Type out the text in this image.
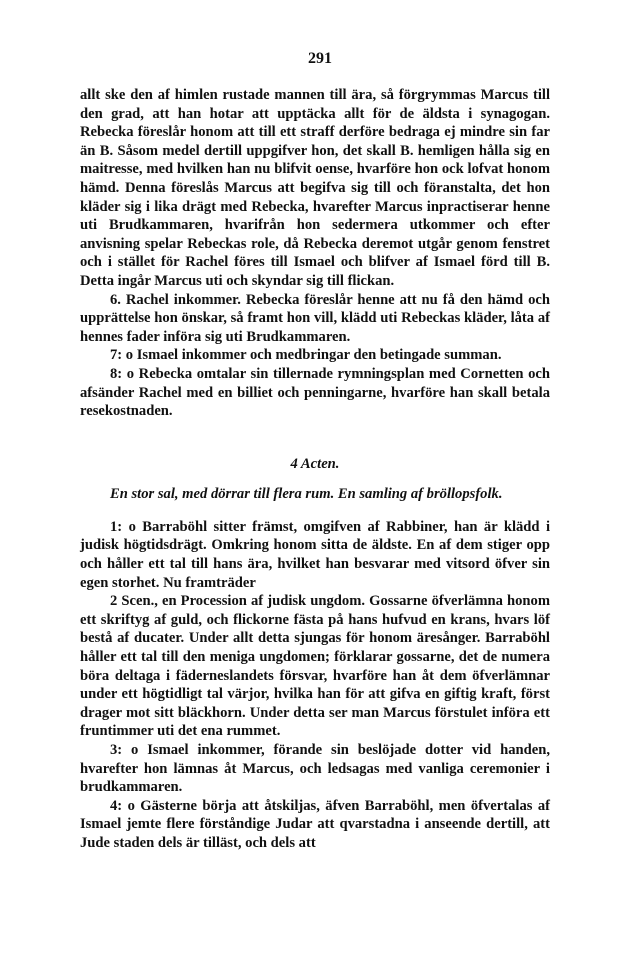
291

allt ske den af himlen rustade mannen till ära, så förgrymmas Marcus till den grad, att han hotar att upptäcka allt för de äldsta i synagogan. Rebecka föreslår honom att till ett straff derföre bedraga ej mindre sin far än B. Såsom medel dertill uppgifver hon, det skall B. hemligen hålla sig en maitresse, med hvilken han nu blifvit oense, hvarföre hon ock lofvat honom hämd. Denna föreslås Marcus att begifva sig till och föranstalta, det hon kläder sig i lika drägt med Rebecka, hvarefter Marcus inpractiserar henne uti Brudkammaren, hvarifrån hon sedermera utkommer och efter anvisning spelar Rebeckas role, då Rebecka deremot utgår genom fenstret och i stället för Rachel föres till Ismael och blifver af Ismael förd till B. Detta ingår Marcus uti och skyndar sig till flickan.

6. Rachel inkommer. Rebecka föreslår henne att nu få den hämd och upprättelse hon önskar, så framt hon vill, klädd uti Rebeckas kläder, låta af hennes fader införa sig uti Brudkammaren.

7: o Ismael inkommer och medbringar den betingade summan.

8: o Rebecka omtalar sin tillernade rymningsplan med Cornetten och afsänder Rachel med en billiet och penningarne, hvarföre han skall betala resekostnaden.

4 Acten.

En stor sal, med dörrar till flera rum. En samling af bröllopsfolk.

1: o Barraböhl sitter främst, omgifven af Rabbiner, han är klädd i judisk högtidsdrägt. Omkring honom sitta de äldste. En af dem stiger opp och håller ett tal till hans ära, hvilket han besvarar med vitsord öfver sin egen storhet. Nu framträder

2 Scen., en Procession af judisk ungdom. Gossarne öfverlämna honom ett skriftyg af guld, och flickorne fästa på hans hufvud en krans, hvars löf bestå af ducater. Under allt detta sjungas för honom äresånger. Barraböhl håller ett tal till den meniga ungdomen; förklarar gossarne, det de numera böra deltaga i fäderneslandets försvar, hvarföre han åt dem öfverlämnar under ett högtidligt tal värjor, hvilka han för att gifva en giftig kraft, först drager mot sitt bläckhorn. Under detta ser man Marcus förstulet införa ett fruntimmer uti det ena rummet.

3: o Ismael inkommer, förande sin beslöjade dotter vid handen, hvarefter hon lämnas åt Marcus, och ledsagas med vanliga ceremonier i brudkammaren.

4: o Gästerne börja att åtskiljas, äfven Barraböhl, men öfvertalas af Ismael jemte flere förståndige Judar att qvarstadna i anseende dertill, att Jude staden dels är tilläst, och dels att
